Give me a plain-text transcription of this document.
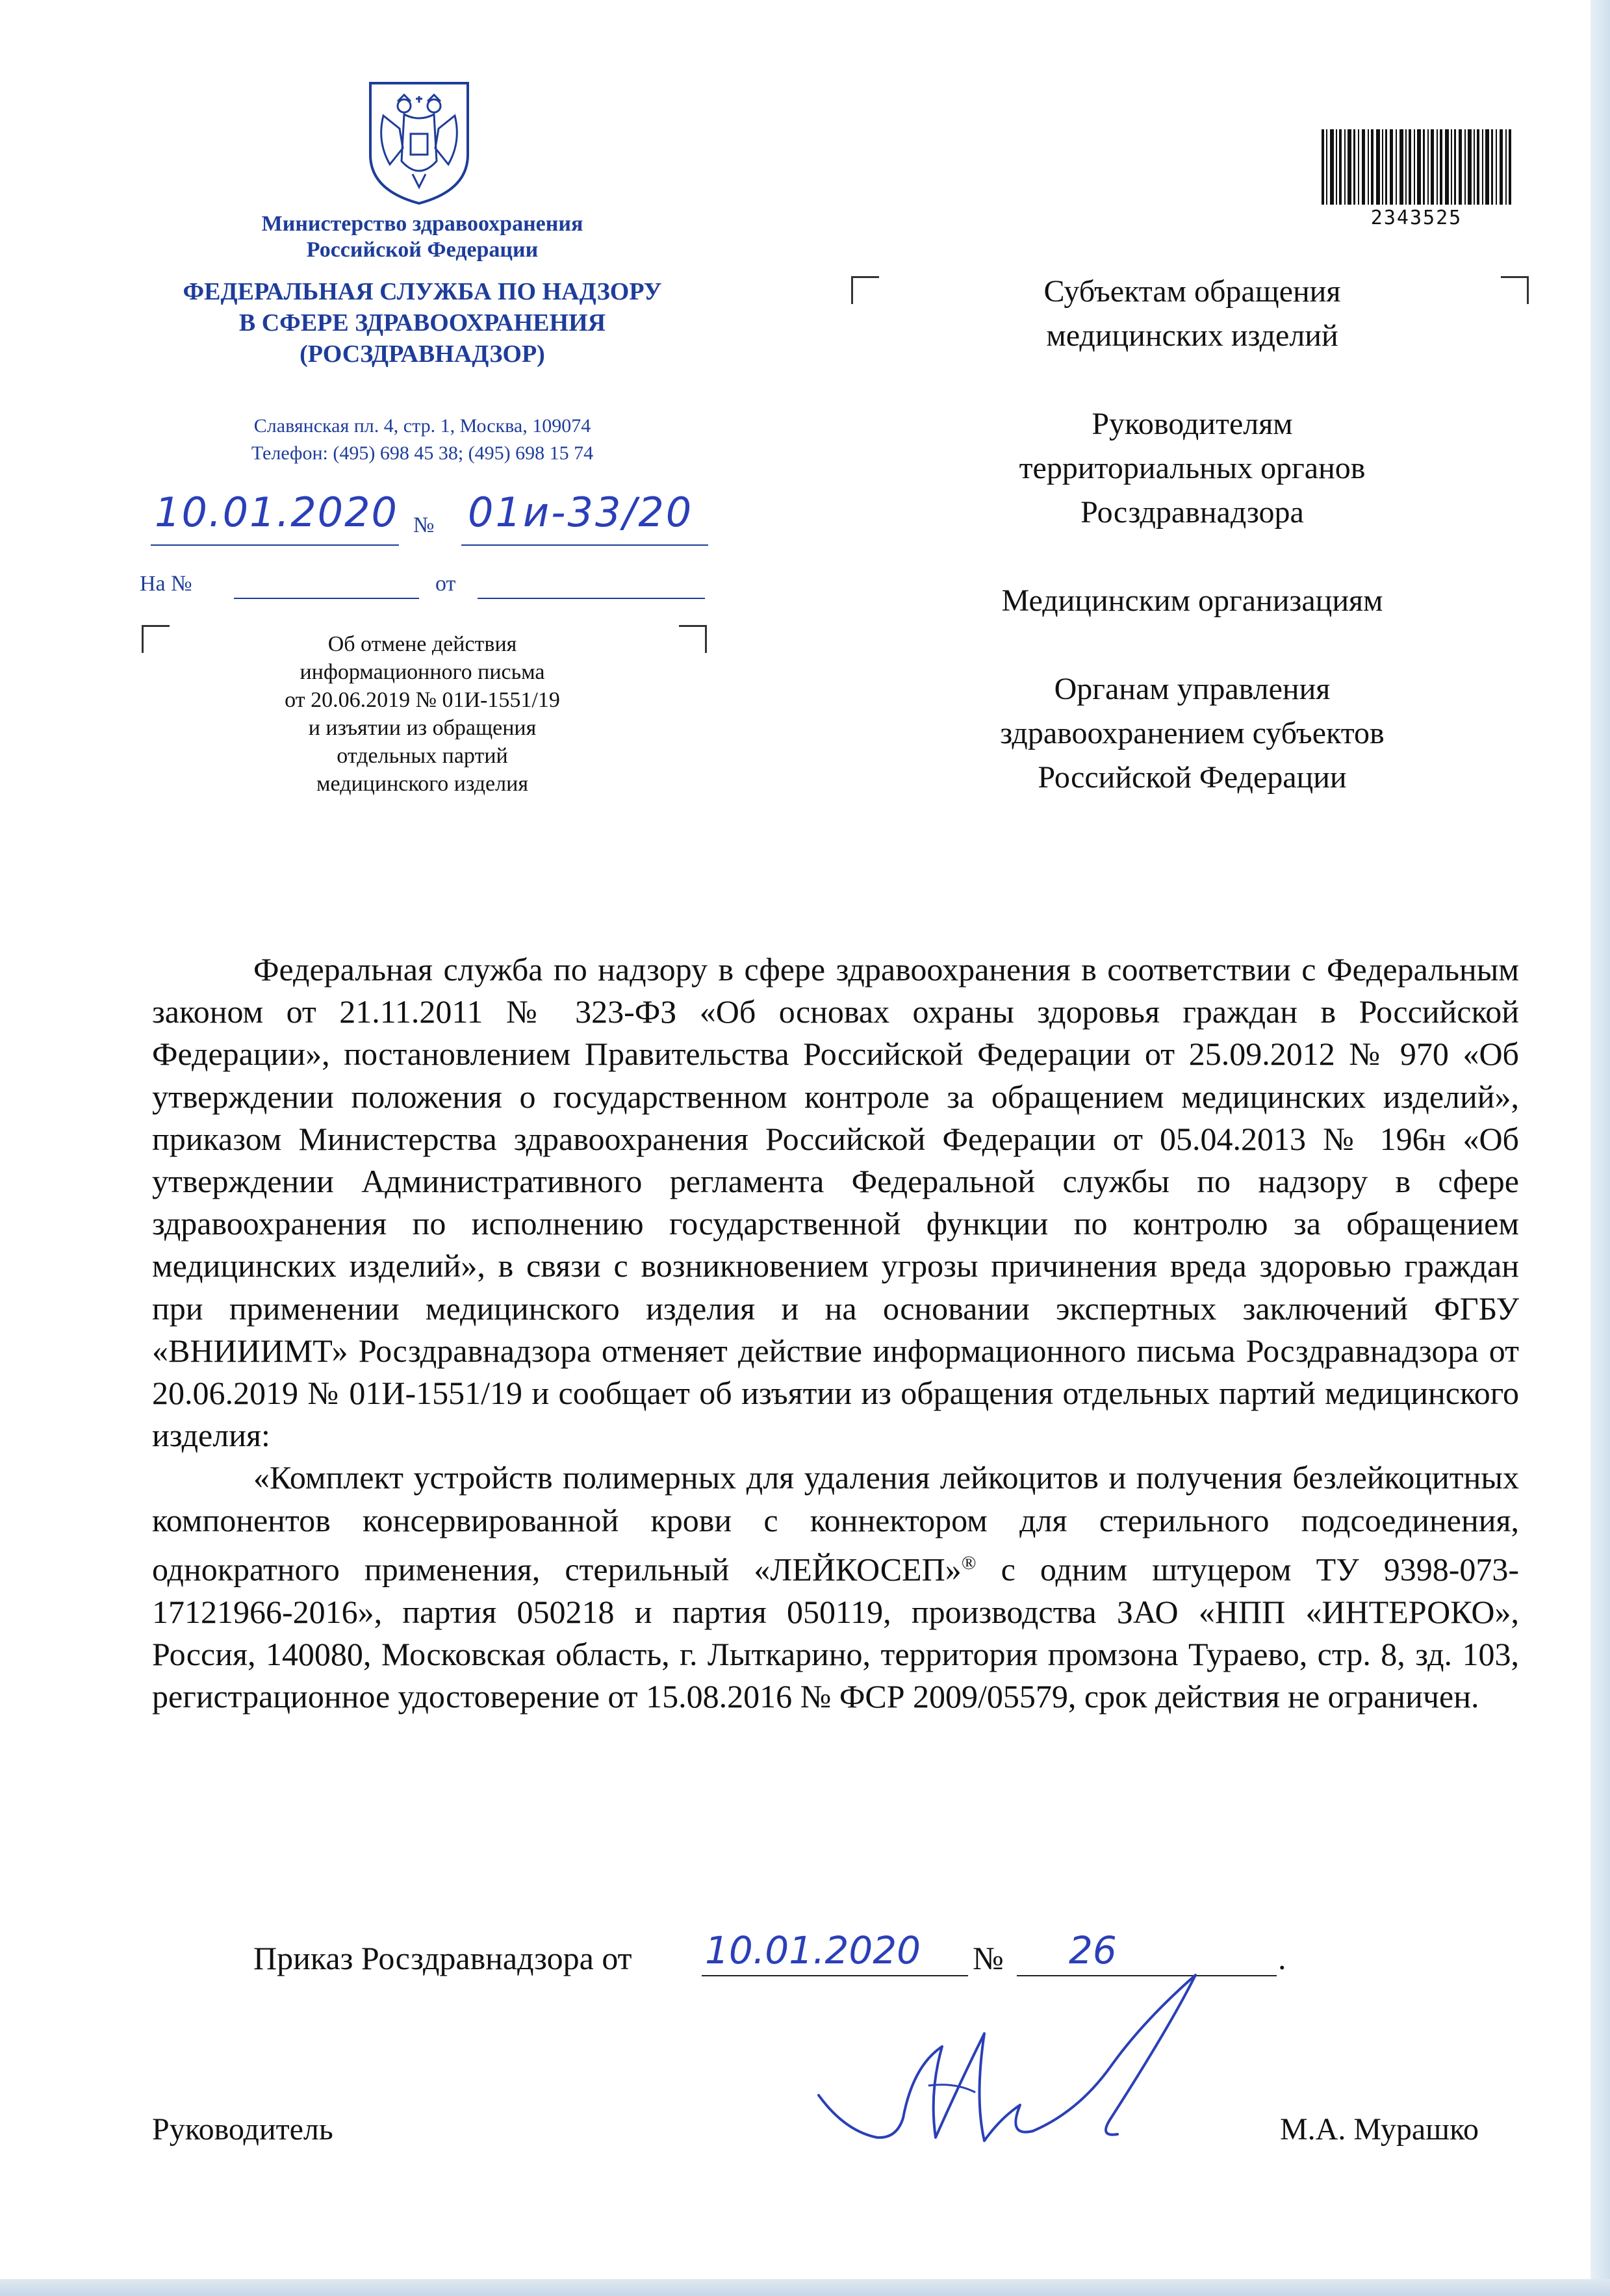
Министерство здравоохранения
Российской Федерации
ФЕДЕРАЛЬНАЯ СЛУЖБА ПО НАДЗОРУ
В СФЕРЕ ЗДРАВООХРАНЕНИЯ
(РОСЗДРАВНАДЗОР)
Славянская пл. 4, стр. 1, Москва, 109074
Телефон: (495) 698 45 38; (495) 698 15 74
10.01.2020 № 01и-33/20
На №	от
Об отмене действия
информационного письма
от 20.06.2019 № 01И-1551/19
и изъятии из обращения
отдельных партий
медицинского изделия
2343525

Субъектам обращения
медицинских изделий

Руководителям
территориальных органов
Росздравнадзора

Медицинским организациям

Органам управления
здравоохранением субъектов
Российской Федерации

Федеральная служба по надзору в сфере здравоохранения в соответствии с Федеральным законом от 21.11.2011 № 323-ФЗ «Об основах охраны здоровья граждан в Российской Федерации», постановлением Правительства Российской Федерации от 25.09.2012 № 970 «Об утверждении положения о государственном контроле за обращением медицинских изделий», приказом Министерства здравоохранения Российской Федерации от 05.04.2013 № 196н «Об утверждении Административного регламента Федеральной службы по надзору в сфере здравоохранения по исполнению государственной функции по контролю за обращением медицинских изделий», в связи с возникновением угрозы причинения вреда здоровью граждан при применении медицинского изделия и на основании экспертных заключений ФГБУ «ВНИИИМТ» Росздравнадзора отменяет действие информационного письма Росздравнадзора от 20.06.2019 № 01И-1551/19 и сообщает об изъятии из обращения отдельных партий медицинского изделия:

«Комплект устройств полимерных для удаления лейкоцитов и получения безлейкоцитных компонентов консервированной крови с коннектором для стерильного подсоединения, однократного применения, стерильный «ЛЕЙКОСЕП»® с одним штуцером ТУ 9398-073-17121966-2016», партия 050218 и партия 050119, производства ЗАО «НПП «ИНТЕРОКО», Россия, 140080, Московская область, г. Лыткарино, территория промзона Тураево, стр. 8, зд. 103, регистрационное удостоверение от 15.08.2016 № ФСР 2009/05579, срок действия не ограничен.

Приказ Росздравнадзора от 10.01.2020 № 26	.
Руководитель	М.А. Мурашко
